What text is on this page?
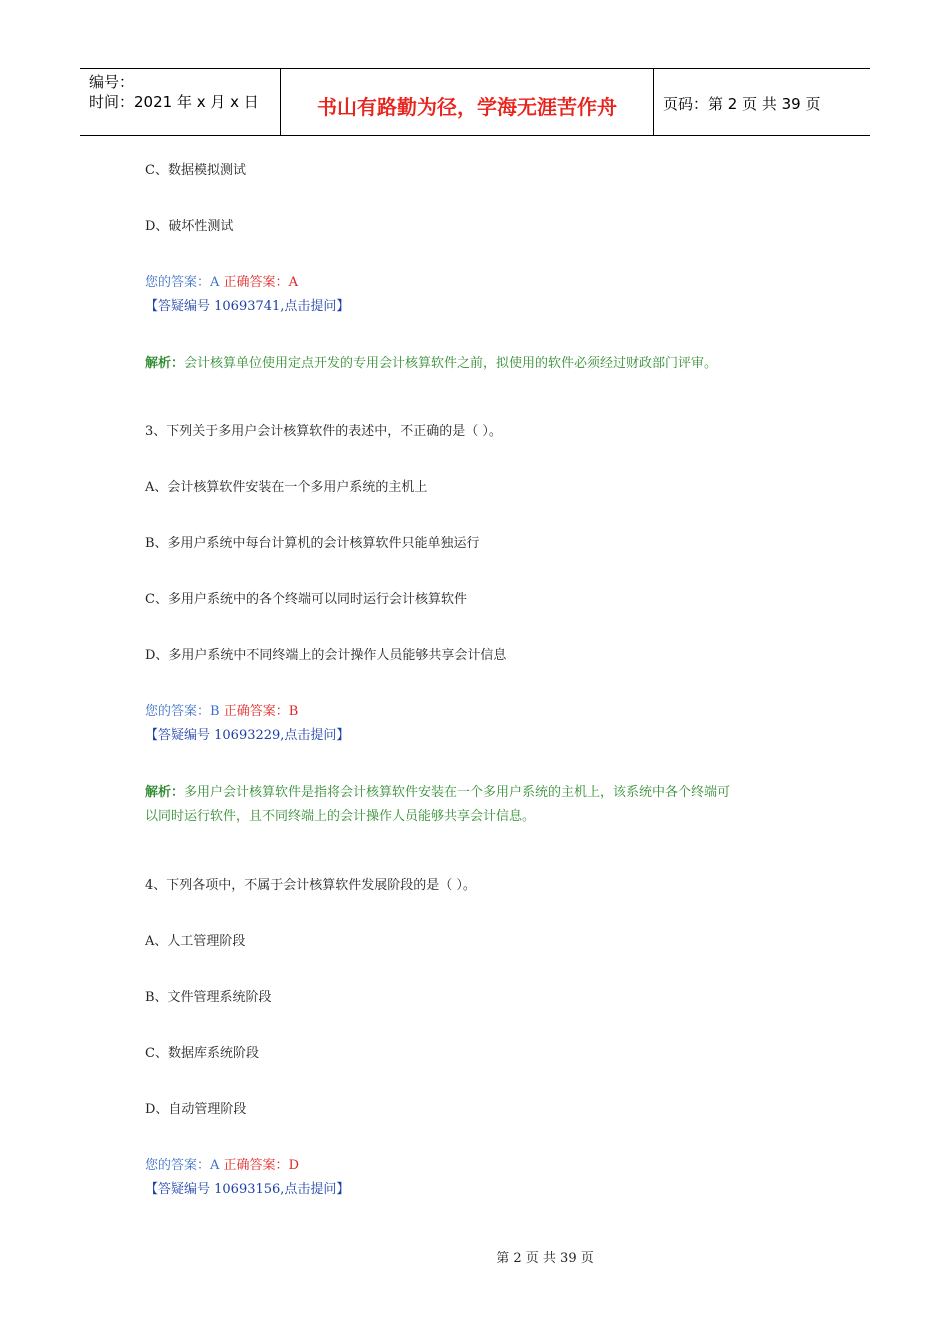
编号：
时间：2021 年 x 月 x 日	书山有路勤为径，学海无涯苦作舟	页码：第 2 页 共 39 页
C、数据模拟测试
D、破坏性测试
您的答案：A 正确答案：A
【答疑编号 10693741,点击提问】
解析：会计核算单位使用定点开发的专用会计核算软件之前，拟使用的软件必须经过财政部门评审。
3、下列关于多用户会计核算软件的表述中，不正确的是（ ）。
A、会计核算软件安装在一个多用户系统的主机上
B、多用户系统中每台计算机的会计核算软件只能单独运行
C、多用户系统中的各个终端可以同时运行会计核算软件
D、多用户系统中不同终端上的会计操作人员能够共享会计信息
您的答案：B 正确答案：B
【答疑编号 10693229,点击提问】
解析：多用户会计核算软件是指将会计核算软件安装在一个多用户系统的主机上，该系统中各个终端可
以同时运行软件，且不同终端上的会计操作人员能够共享会计信息。
4、下列各项中，不属于会计核算软件发展阶段的是（ ）。
A、人工管理阶段
B、文件管理系统阶段
C、数据库系统阶段
D、自动管理阶段
您的答案：A 正确答案：D
【答疑编号 10693156,点击提问】
第 2 页 共 39 页
